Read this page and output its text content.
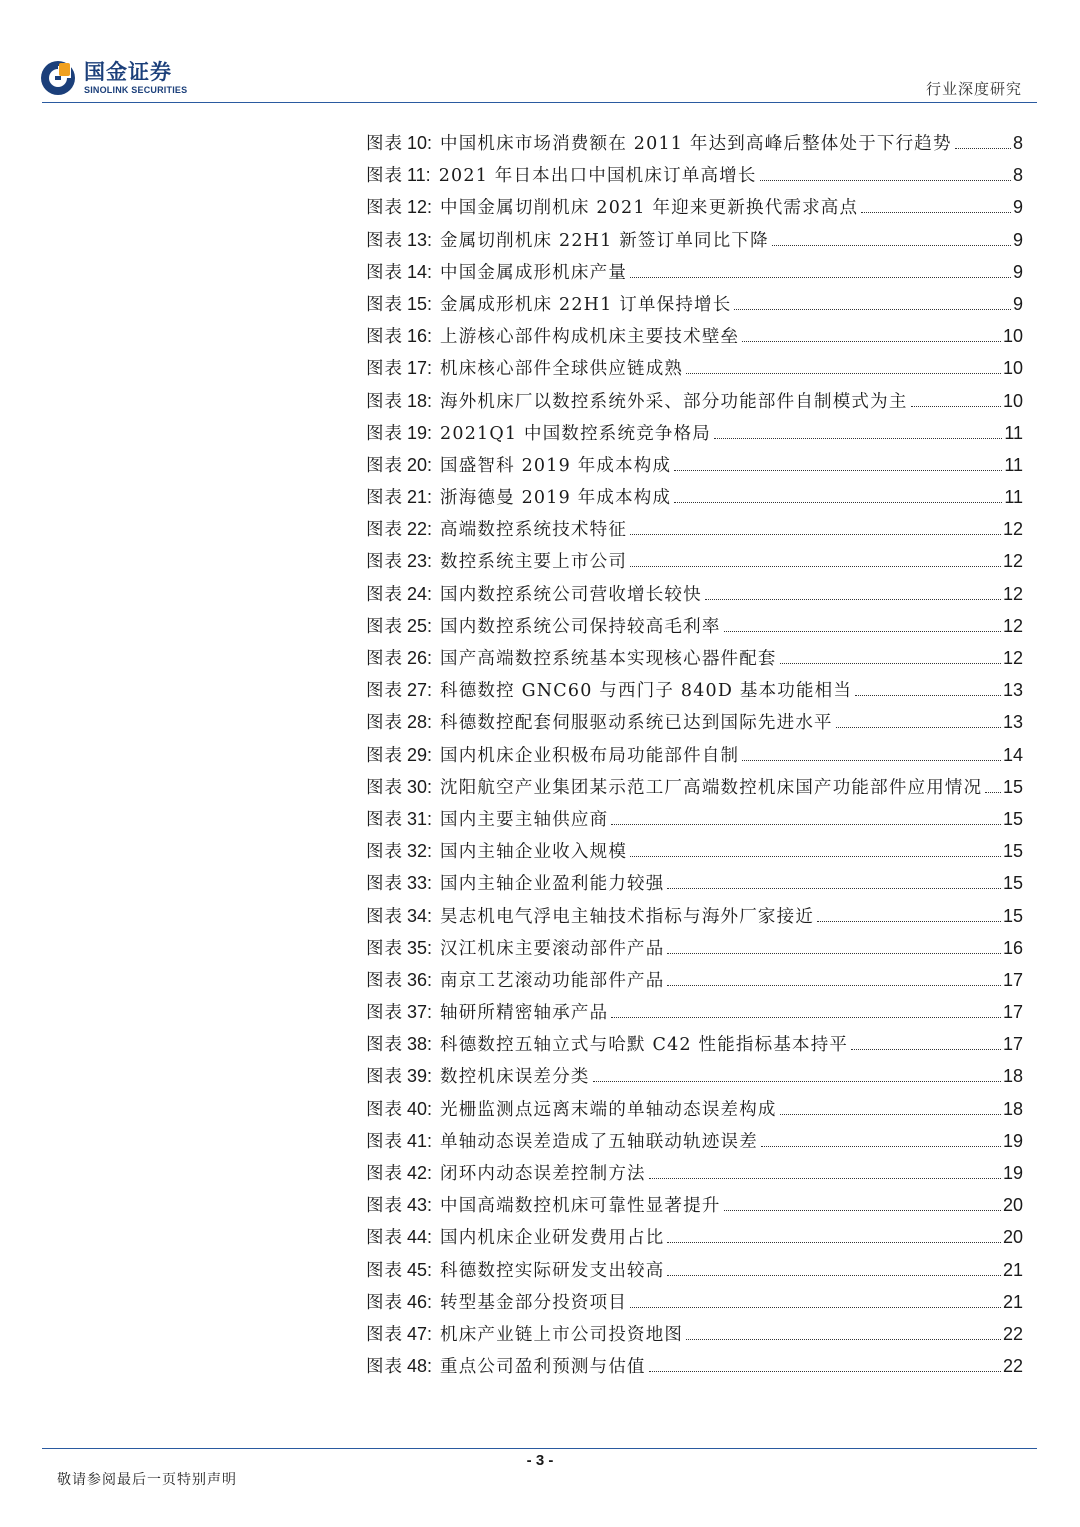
国金证券
SINOLINK SECURITIES	行业深度研究
图表 10: 中国机床市场消费额在 2011 年达到高峰后整体处于下行趋势	8
图表 11: 2021 年日本出口中国机床订单高增长	8
图表 12: 中国金属切削机床 2021 年迎来更新换代需求高点	9
图表 13: 金属切削机床 22H1 新签订单同比下降	9
图表 14: 中国金属成形机床产量	9
图表 15: 金属成形机床 22H1 订单保持增长	9
图表 16: 上游核心部件构成机床主要技术壁垒	10
图表 17: 机床核心部件全球供应链成熟	10
图表 18: 海外机床厂以数控系统外采、部分功能部件自制模式为主	10
图表 19: 2021Q1 中国数控系统竞争格局	11
图表 20: 国盛智科 2019 年成本构成	11
图表 21: 浙海德曼 2019 年成本构成	11
图表 22: 高端数控系统技术特征	12
图表 23: 数控系统主要上市公司	12
图表 24: 国内数控系统公司营收增长较快	12
图表 25: 国内数控系统公司保持较高毛利率	12
图表 26: 国产高端数控系统基本实现核心器件配套	12
图表 27: 科德数控 GNC60 与西门子 840D 基本功能相当	13
图表 28: 科德数控配套伺服驱动系统已达到国际先进水平	13
图表 29: 国内机床企业积极布局功能部件自制	14
图表 30: 沈阳航空产业集团某示范工厂高端数控机床国产功能部件应用情况 15
图表 31: 国内主要主轴供应商	15
图表 32: 国内主轴企业收入规模	15
图表 33: 国内主轴企业盈利能力较强	15
图表 34: 昊志机电气浮电主轴技术指标与海外厂家接近	15
图表 35: 汉江机床主要滚动部件产品	16
图表 36: 南京工艺滚动功能部件产品	17
图表 37: 轴研所精密轴承产品	17
图表 38: 科德数控五轴立式与哈默 C42 性能指标基本持平	17
图表 39: 数控机床误差分类	18
图表 40: 光栅监测点远离末端的单轴动态误差构成	18
图表 41: 单轴动态误差造成了五轴联动轨迹误差	19
图表 42: 闭环内动态误差控制方法	19
图表 43: 中国高端数控机床可靠性显著提升	20
图表 44: 国内机床企业研发费用占比	20
图表 45: 科德数控实际研发支出较高	21
图表 46: 转型基金部分投资项目	21
图表 47: 机床产业链上市公司投资地图	22
图表 48: 重点公司盈利预测与估值	22
- 3 -
敬请参阅最后一页特别声明
